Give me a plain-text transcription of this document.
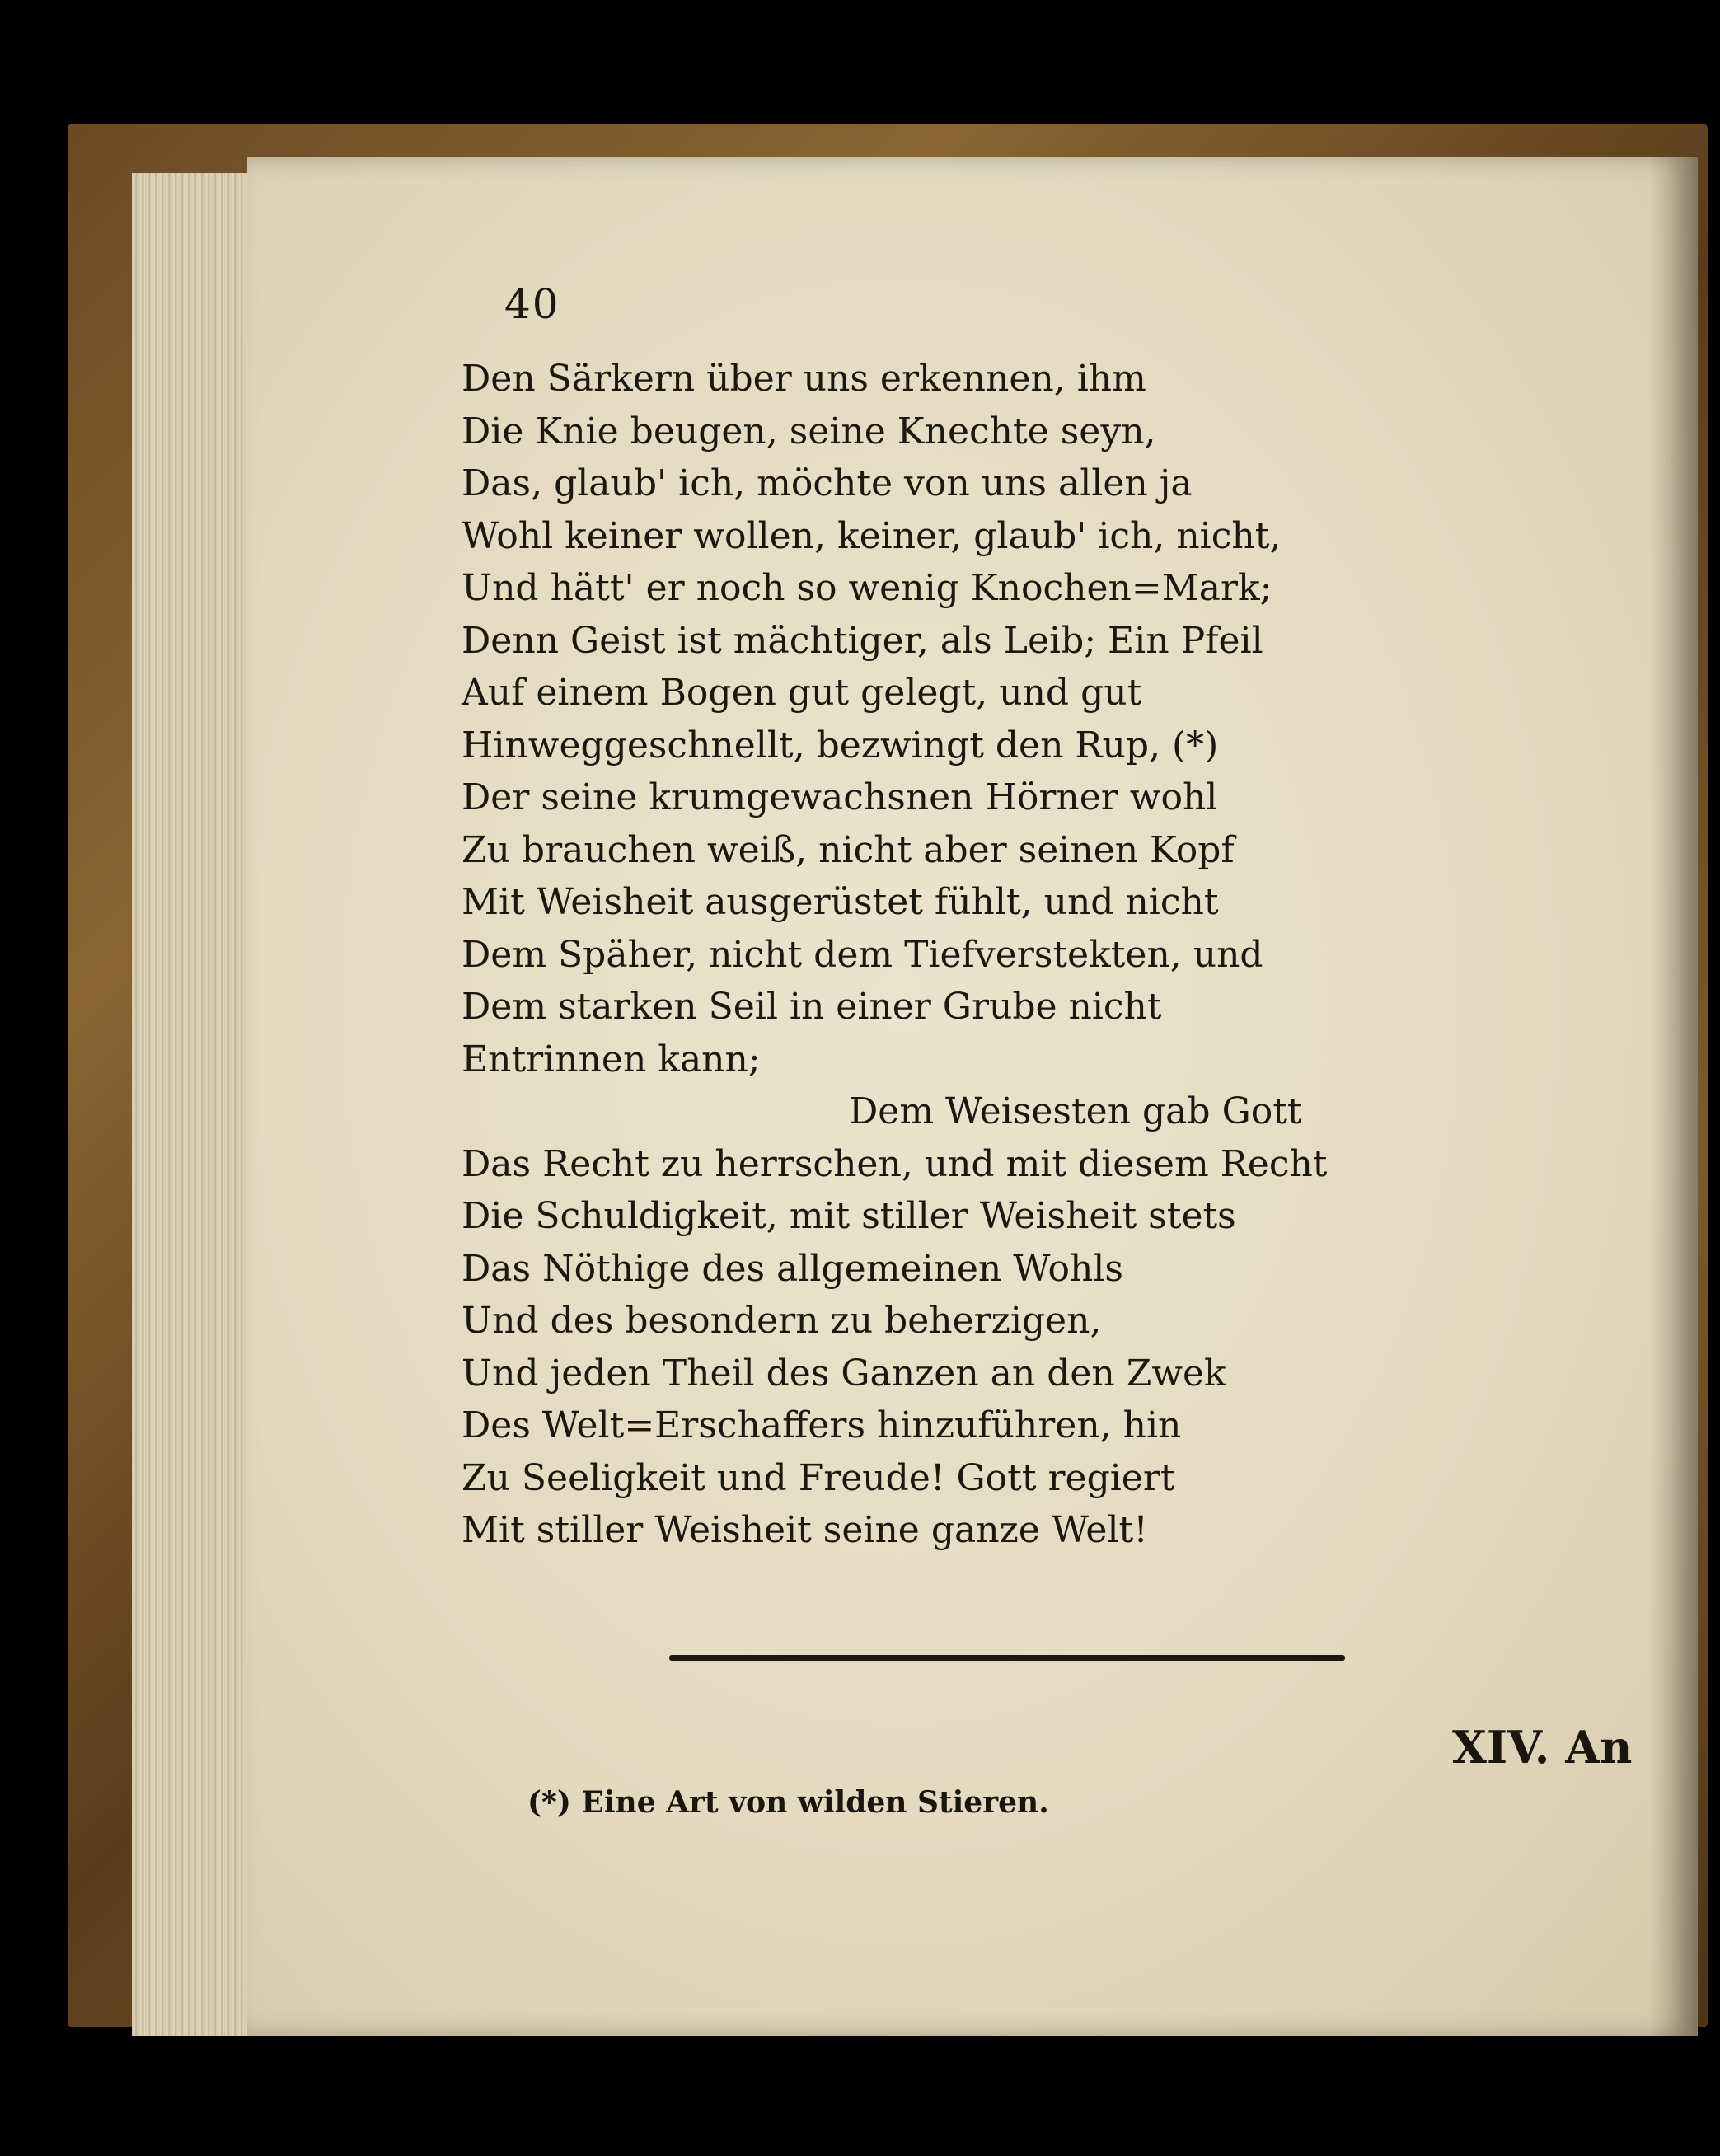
40
Den Särkern über uns erkennen, ihm
Die Knie beugen, seine Knechte seyn,
Das, glaub' ich, möchte von uns allen ja
Wohl keiner wollen, keiner, glaub' ich, nicht,
Und hätt' er noch so wenig Knochen=Mark;
Denn Geist ist mächtiger, als Leib; Ein Pfeil
Auf einem Bogen gut gelegt, und gut
Hinweggeschnellt, bezwingt den Rup, (*)
Der seine krumgewachsnen Hörner wohl
Zu brauchen weiß, nicht aber seinen Kopf
Mit Weisheit ausgerüstet fühlt, und nicht
Dem Späher, nicht dem Tiefverstekten, und
Dem starken Seil in einer Grube nicht
Entrinnen kann;
Dem Weisesten gab Gott
Das Recht zu herrschen, und mit diesem Recht
Die Schuldigkeit, mit stiller Weisheit stets
Das Nöthige des allgemeinen Wohls
Und des besondern zu beherzigen,
Und jeden Theil des Ganzen an den Zwek
Des Welt=Erschaffers hinzuführen, hin
Zu Seeligkeit und Freude! Gott regiert
Mit stiller Weisheit seine ganze Welt!
XIV. An
(*) Eine Art von wilden Stieren.
